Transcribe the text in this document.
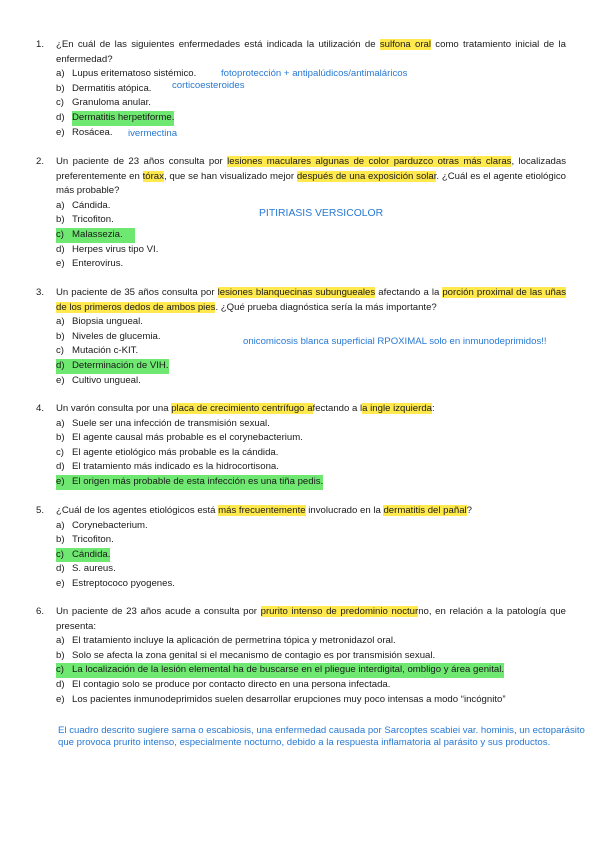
1.	¿En cuál de las siguientes enfermedades está indicada la utilización de sulfona oral como tratamiento inicial de la enfermedad?
a) Lupus eritematoso sistémico.
b) Dermatitis atópica.
c) Granuloma anular.
d) Dermatitis herpetiforme.
e) Rosácea.
fotoprotección + antipalúdicos/antimaláricos
corticoesteroides
ivermectina
2.	Un paciente de 23 años consulta por lesiones maculares algunas de color parduzco otras más claras, localizadas preferentemente en tórax, que se han visualizado mejor después de una exposición solar. ¿Cuál es el agente etiológico más probable?
a) Cándida.
b) Tricofiton.
c) Malassezia.
d) Herpes virus tipo VI.
e) Enterovirus.
PITIRIASIS VERSICOLOR
3.	Un paciente de 35 años consulta por lesiones blanquecinas subungueales afectando a la porción proximal de las uñas de los primeros dedos de ambos pies. ¿Qué prueba diagnóstica sería la más importante?
a) Biopsia ungueal.
b) Niveles de glucemia.
c) Mutación c-KIT.
d) Determinación de VIH.
e) Cultivo ungueal.
onicomicosis blanca superficial RPOXIMAL solo en inmunodeprimidos!!
4.	Un varón consulta por una placa de crecimiento centrífugo afectando a la ingle izquierda:
a) Suele ser una infección de transmisión sexual.
b) El agente causal más probable es el corynebacterium.
c) El agente etiológico más probable es la cándida.
d) El tratamiento más indicado es la hidrocortisona.
e) El origen más probable de esta infección es una tiña pedis.
5.	¿Cuál de los agentes etiológicos está más frecuentemente involucrado en la dermatitis del pañal?
a) Corynebacterium.
b) Tricofiton.
c) Cándida.
d) S. aureus.
e) Estreptococo pyogenes.
6.	Un paciente de 23 años acude a consulta por prurito intenso de predominio nocturno, en relación a la patología que presenta:
a) El tratamiento incluye la aplicación de permetrina tópica y metronidazol oral.
b) Solo se afecta la zona genital si el mecanismo de contagio es por transmisión sexual.
c) La localización de la lesión elemental ha de buscarse en el pliegue interdigital, ombligo y área genital.
d) El contagio solo se produce por contacto directo en una persona infectada.
e) Los pacientes inmunodeprimidos suelen desarrollar erupciones muy poco intensas a modo “incógnito”
El cuadro descrito sugiere sarna o escabiosis, una enfermedad causada por Sarcoptes scabiei var. hominis, un ectoparásito que provoca prurito intenso, especialmente nocturno, debido a la respuesta inflamatoria al parásito y sus productos.
